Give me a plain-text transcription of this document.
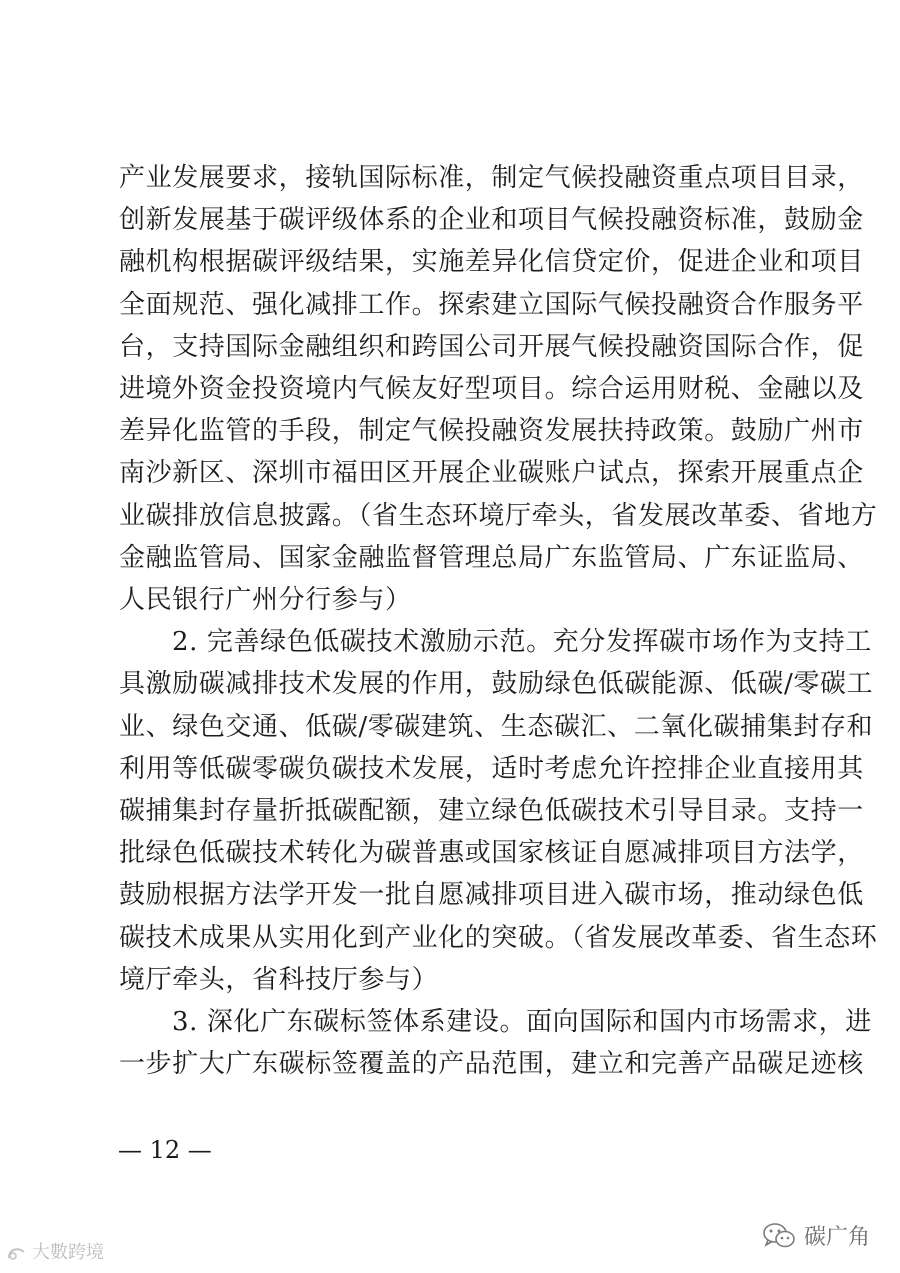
产业发展要求，接轨国际标准，制定气候投融资重点项目目录，
创新发展基于碳评级体系的企业和项目气候投融资标准，鼓励金
融机构根据碳评级结果，实施差异化信贷定价，促进企业和项目
全面规范、强化减排工作。探索建立国际气候投融资合作服务平
台，支持国际金融组织和跨国公司开展气候投融资国际合作，促
进境外资金投资境内气候友好型项目。综合运用财税、金融以及
差异化监管的手段，制定气候投融资发展扶持政策。鼓励广州市
南沙新区、深圳市福田区开展企业碳账户试点，探索开展重点企
业碳排放信息披露。（省生态环境厅牵头，省发展改革委、省地方
金融监管局、国家金融监督管理总局广东监管局、广东证监局、
人民银行广州分行参与）
2. 完善绿色低碳技术激励示范。充分发挥碳市场作为支持工
具激励碳减排技术发展的作用，鼓励绿色低碳能源、低碳/零碳工
业、绿色交通、低碳/零碳建筑、生态碳汇、二氧化碳捕集封存和
利用等低碳零碳负碳技术发展，适时考虑允许控排企业直接用其
碳捕集封存量折抵碳配额，建立绿色低碳技术引导目录。支持一
批绿色低碳技术转化为碳普惠或国家核证自愿减排项目方法学，
鼓励根据方法学开发一批自愿减排项目进入碳市场，推动绿色低
碳技术成果从实用化到产业化的突破。（省发展改革委、省生态环
境厅牵头，省科技厅参与）
3. 深化广东碳标签体系建设。面向国际和国内市场需求，进
一步扩大广东碳标签覆盖的产品范围，建立和完善产品碳足迹核
— 12 —
大數跨境
碳广角
